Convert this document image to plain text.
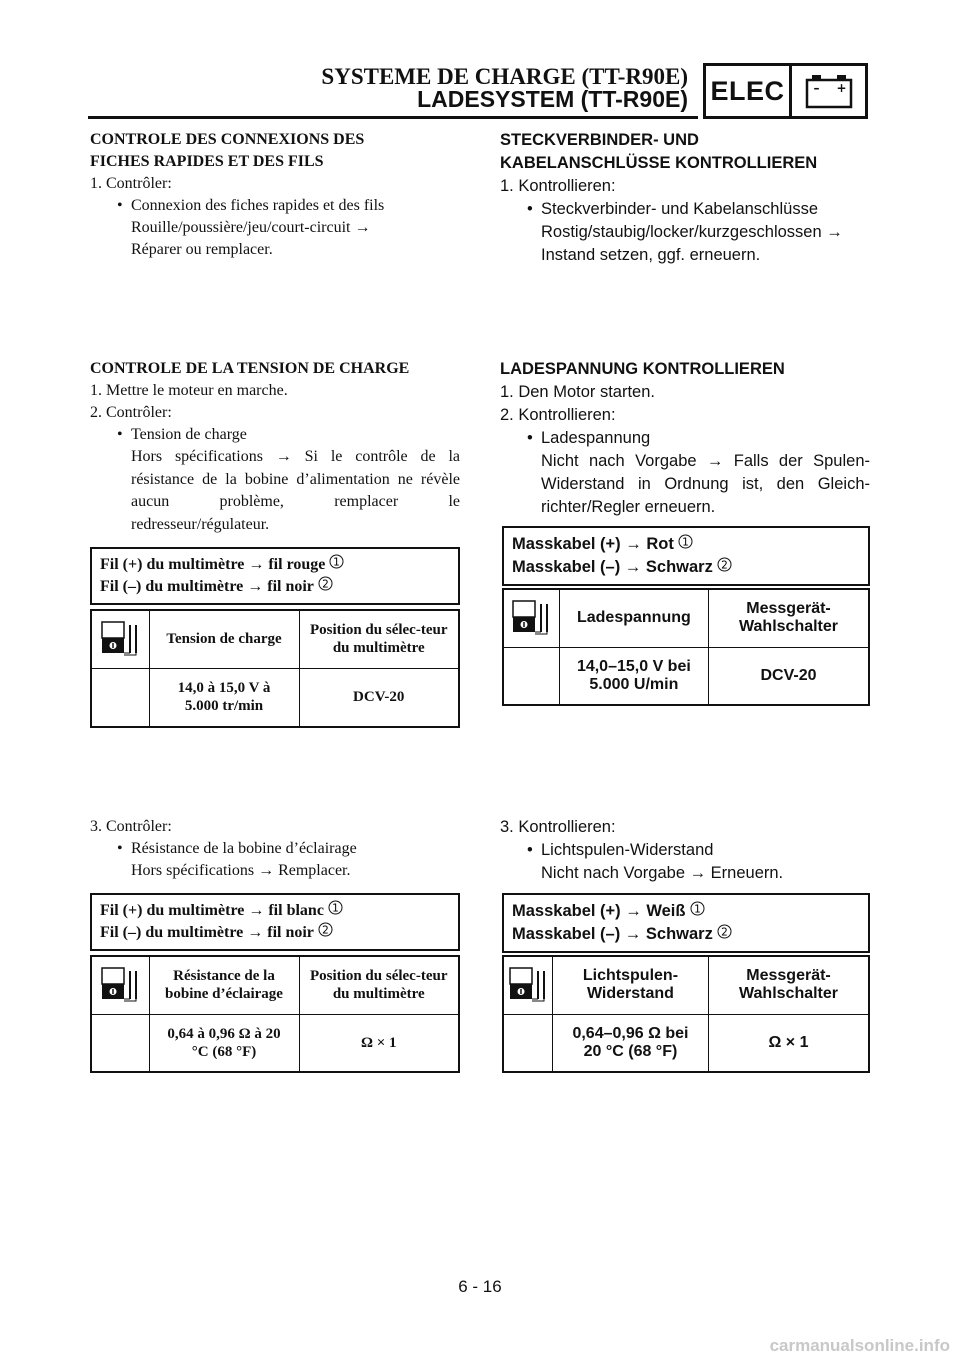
SYSTEME DE CHARGE (TT-R90E)
LADESYSTEM (TT-R90E) ELEC	– +
CONTROLE DES CONNEXIONS DES
FICHES RAPIDES ET DES FILS
1. Contrôler:
• Connexion des fiches rapides et des fils
Rouille/poussière/jeu/court-circuit →
Réparer ou remplacer.
STECKVERBINDER- UND
KABELANSCHLÜSSE KONTROLLIEREN
1. Kontrollieren:
• Steckverbinder- und Kabelanschlüsse
Rostig/staubig/locker/kurzgeschlossen →
Instand setzen, ggf. erneuern.
CONTROLE DE LA TENSION DE CHARGE
1. Mettre le moteur en marche.
2. Contrôler:
• Tension de charge
Hors spécifications → Si le contrôle de la résistance de la bobine d’alimentation ne révèle aucun problème, remplacer le redresseur/régulateur.
Fil (+) du multimètre → fil rouge 1
Fil (–) du multimètre → fil noir 2
	Tension de charge	Position du sélec-teur du multimètre
	14,0 à 15,0 V à 5.000 tr/min	DCV-20
LADESPANNUNG KONTROLLIEREN
1. Den Motor starten.
2. Kontrollieren:
• Ladespannung
Nicht nach Vorgabe → Falls der Spulen-Widerstand in Ordnung ist, den Gleich-richter/Regler erneuern.
Masskabel (+) → Rot 1
Masskabel (–) → Schwarz 2
	Ladespannung	Messgerät-Wahlschalter
	14,0–15,0 V bei 5.000 U/min	DCV-20
3. Contrôler:
• Résistance de la bobine d’éclairage
Hors spécifications → Remplacer.
Fil (+) du multimètre → fil blanc 1
Fil (–) du multimètre → fil noir 2
	Résistance de la bobine d’éclairage	Position du sélec-teur du multimètre
	0,64 à 0,96 Ω à 20 °C (68 °F)	Ω × 1
3. Kontrollieren:
• Lichtspulen-Widerstand
Nicht nach Vorgabe → Erneuern.
Masskabel (+) → Weiß 1
Masskabel (–) → Schwarz 2
	Lichtspulen-Widerstand	Messgerät-Wahlschalter
	0,64–0,96 Ω bei 20 °C (68 °F)	Ω × 1
6 - 16
carmanualsonline.info
